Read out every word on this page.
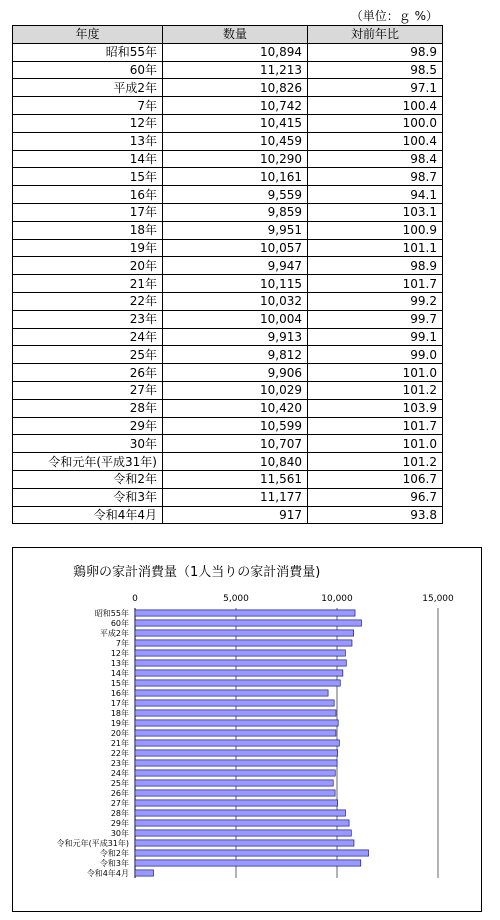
（単位：ｇ %）
年度	数量	対前年比
昭和55年	10,894	98.9
60年	11,213	98.5
平成2年	10,826	97.1
7年	10,742	100.4
12年	10,415	100.0
13年	10,459	100.4
14年	10,290	98.4
15年	10,161	98.7
16年	9,559	94.1
17年	9,859	103.1
18年	9,951	100.9
19年	10,057	101.1
20年	9,947	98.9
21年	10,115	101.7
22年	10,032	99.2
23年	10,004	99.7
24年	9,913	99.1
25年	9,812	99.0
26年	9,906	101.0
27年	10,029	101.2
28年	10,420	103.9
29年	10,599	101.7
30年	10,707	101.0
令和元年(平成31年)	10,840	101.2
令和2年	11,561	106.7
令和3年	11,177	96.7
令和4年4月	917	93.8
鶏卵の家計消費量（1人当りの家計消費量)
0	5,000	10,000	15,000
昭和55年
60年
平成2年
7年
12年
13年
14年
15年
16年
17年
18年
19年
20年
21年
22年
23年
24年
25年
26年
27年
28年
29年
30年
令和元年(平成31年)
令和2年
令和3年
令和4年4月
